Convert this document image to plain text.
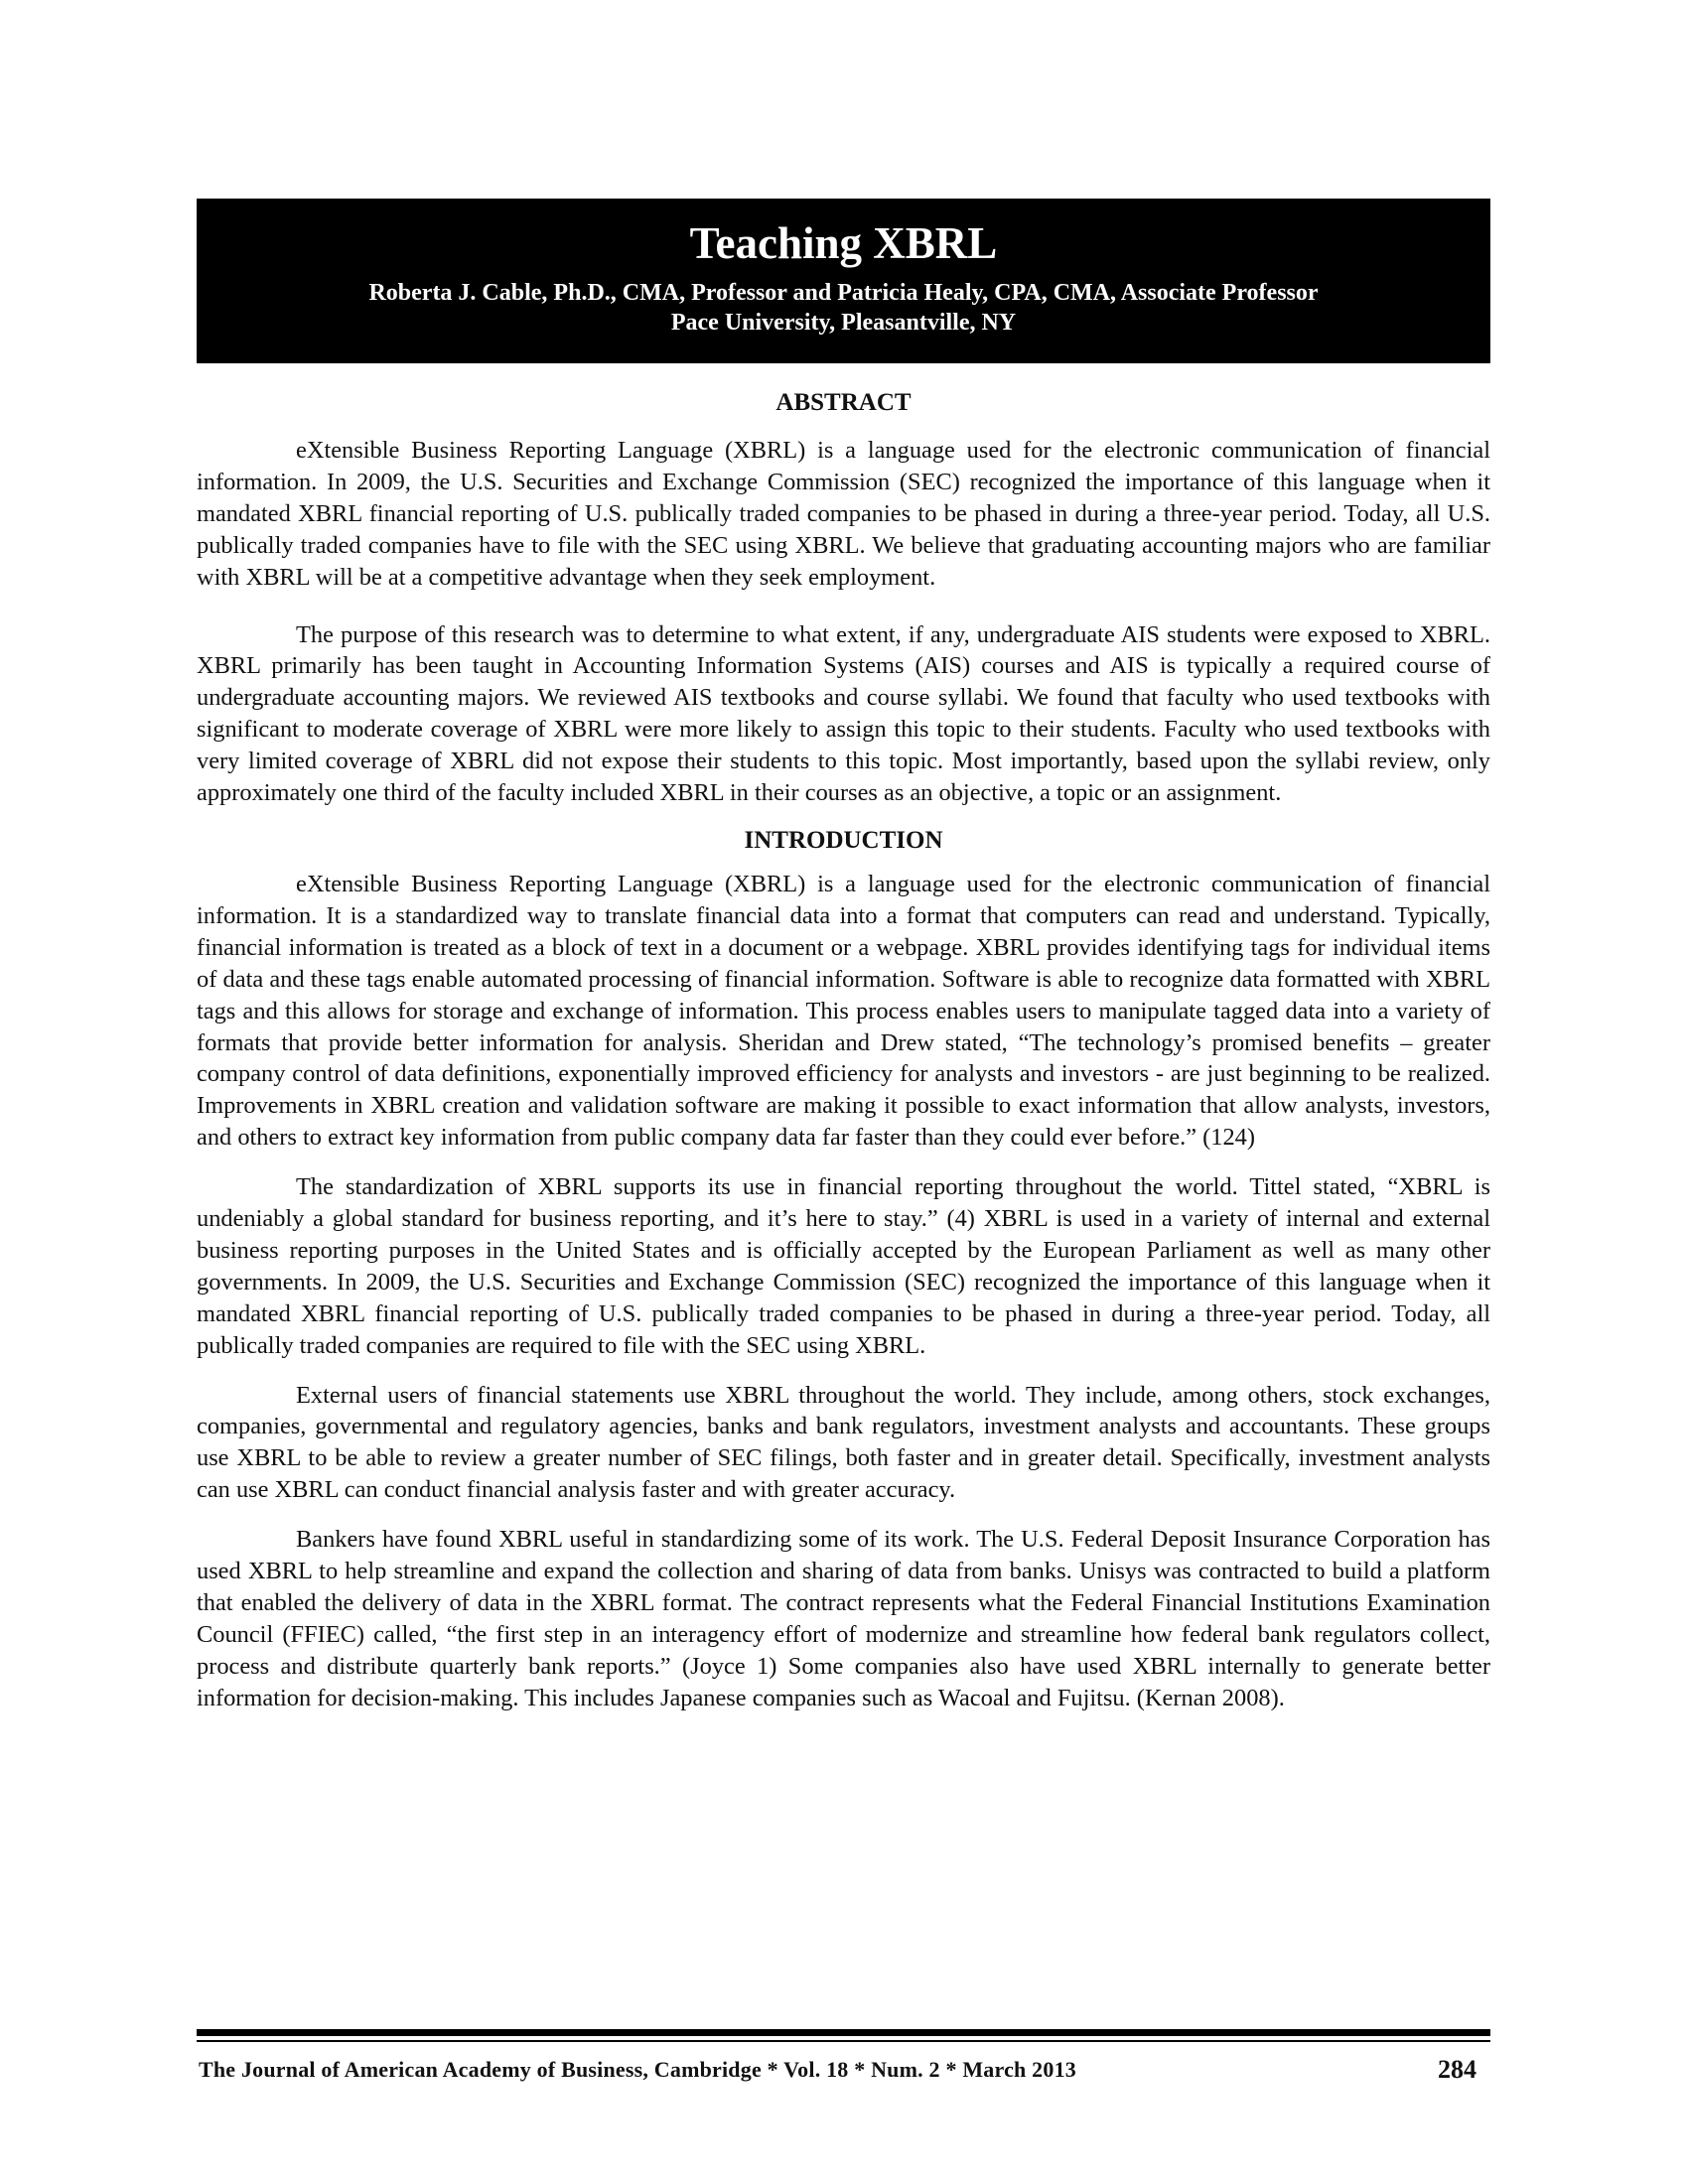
Teaching XBRL
Roberta J. Cable, Ph.D., CMA, Professor and Patricia Healy, CPA, CMA, Associate Professor
Pace University, Pleasantville, NY
ABSTRACT

eXtensible Business Reporting Language (XBRL) is a language used for the electronic communication of financial information. In 2009, the U.S. Securities and Exchange Commission (SEC) recognized the importance of this language when it mandated XBRL financial reporting of U.S. publically traded companies to be phased in during a three-year period. Today, all U.S. publically traded companies have to file with the SEC using XBRL. We believe that graduating accounting majors who are familiar with XBRL will be at a competitive advantage when they seek employment.

The purpose of this research was to determine to what extent, if any, undergraduate AIS students were exposed to XBRL. XBRL primarily has been taught in Accounting Information Systems (AIS) courses and AIS is typically a required course of undergraduate accounting majors. We reviewed AIS textbooks and course syllabi. We found that faculty who used textbooks with significant to moderate coverage of XBRL were more likely to assign this topic to their students. Faculty who used textbooks with very limited coverage of XBRL did not expose their students to this topic. Most importantly, based upon the syllabi review, only approximately one third of the faculty included XBRL in their courses as an objective, a topic or an assignment.

INTRODUCTION

eXtensible Business Reporting Language (XBRL) is a language used for the electronic communication of financial information. It is a standardized way to translate financial data into a format that computers can read and understand. Typically, financial information is treated as a block of text in a document or a webpage. XBRL provides identifying tags for individual items of data and these tags enable automated processing of financial information. Software is able to recognize data formatted with XBRL tags and this allows for storage and exchange of information. This process enables users to manipulate tagged data into a variety of formats that provide better information for analysis. Sheridan and Drew stated, “The technology’s promised benefits – greater company control of data definitions, exponentially improved efficiency for analysts and investors - are just beginning to be realized. Improvements in XBRL creation and validation software are making it possible to exact information that allow analysts, investors, and others to extract key information from public company data far faster than they could ever before.” (124)

The standardization of XBRL supports its use in financial reporting throughout the world. Tittel stated, “XBRL is undeniably a global standard for business reporting, and it’s here to stay.” (4) XBRL is used in a variety of internal and external business reporting purposes in the United States and is officially accepted by the European Parliament as well as many other governments. In 2009, the U.S. Securities and Exchange Commission (SEC) recognized the importance of this language when it mandated XBRL financial reporting of U.S. publically traded companies to be phased in during a three-year period. Today, all publically traded companies are required to file with the SEC using XBRL.

External users of financial statements use XBRL throughout the world. They include, among others, stock exchanges, companies, governmental and regulatory agencies, banks and bank regulators, investment analysts and accountants. These groups use XBRL to be able to review a greater number of SEC filings, both faster and in greater detail. Specifically, investment analysts can use XBRL can conduct financial analysis faster and with greater accuracy.

Bankers have found XBRL useful in standardizing some of its work. The U.S. Federal Deposit Insurance Corporation has used XBRL to help streamline and expand the collection and sharing of data from banks. Unisys was contracted to build a platform that enabled the delivery of data in the XBRL format. The contract represents what the Federal Financial Institutions Examination Council (FFIEC) called, “the first step in an interagency effort of modernize and streamline how federal bank regulators collect, process and distribute quarterly bank reports.” (Joyce 1) Some companies also have used XBRL internally to generate better information for decision-making. This includes Japanese companies such as Wacoal and Fujitsu. (Kernan 2008).

The Journal of American Academy of Business, Cambridge * Vol. 18 * Num. 2 * March 2013	284
